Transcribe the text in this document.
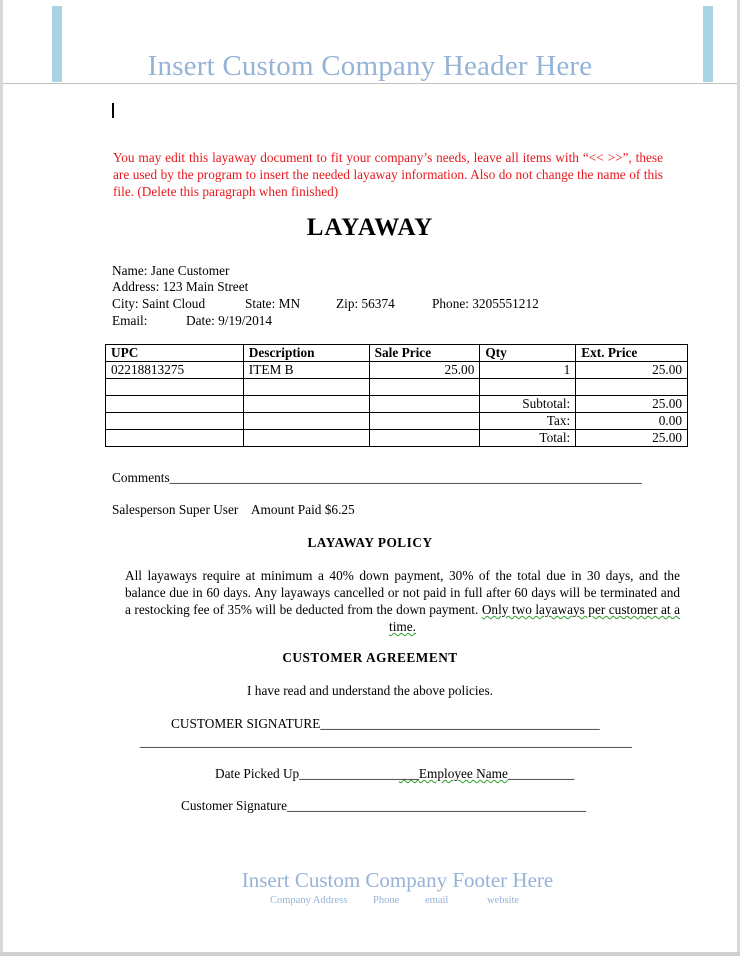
Insert Custom Company Header Here
You may edit this layaway document to fit your company’s needs, leave all items with “<< >>”, these are used by the program to insert the needed layaway information. Also do not change the name of this file. (Delete this paragraph when finished)
LAYAWAY
Name: Jane Customer
Address: 123 Main Street
City: Saint Cloud	State: MN	Zip: 56374	Phone: 3205551212
Email:	Date: 9/19/2014
UPC	Description	Sale Price	Qty	Ext. Price
02218813275	ITEM B	25.00	1	25.00

			Subtotal:	25.00
			Tax:	0.00
			Total:	25.00
Comments_______________________________________________________________________
Salesperson Super User Amount Paid $6.25
LAYAWAY POLICY
All layaways require at minimum a 40% down payment, 30% of the total due in 30 days, and the balance due in 60 days. Any layaways cancelled or not paid in full after 60 days will be terminated and a restocking fee of 35% will be deducted from the down payment. Only two layaways per customer at a time.
CUSTOMER AGREEMENT
I have read and understand the above policies.
CUSTOMER SIGNATURE__________________________________________
__________________________________________________________________________
Date Picked Up__________________Employee Name__________
Customer Signature_____________________________________________
Insert Custom Company Footer Here
Company Address Phone email	website
